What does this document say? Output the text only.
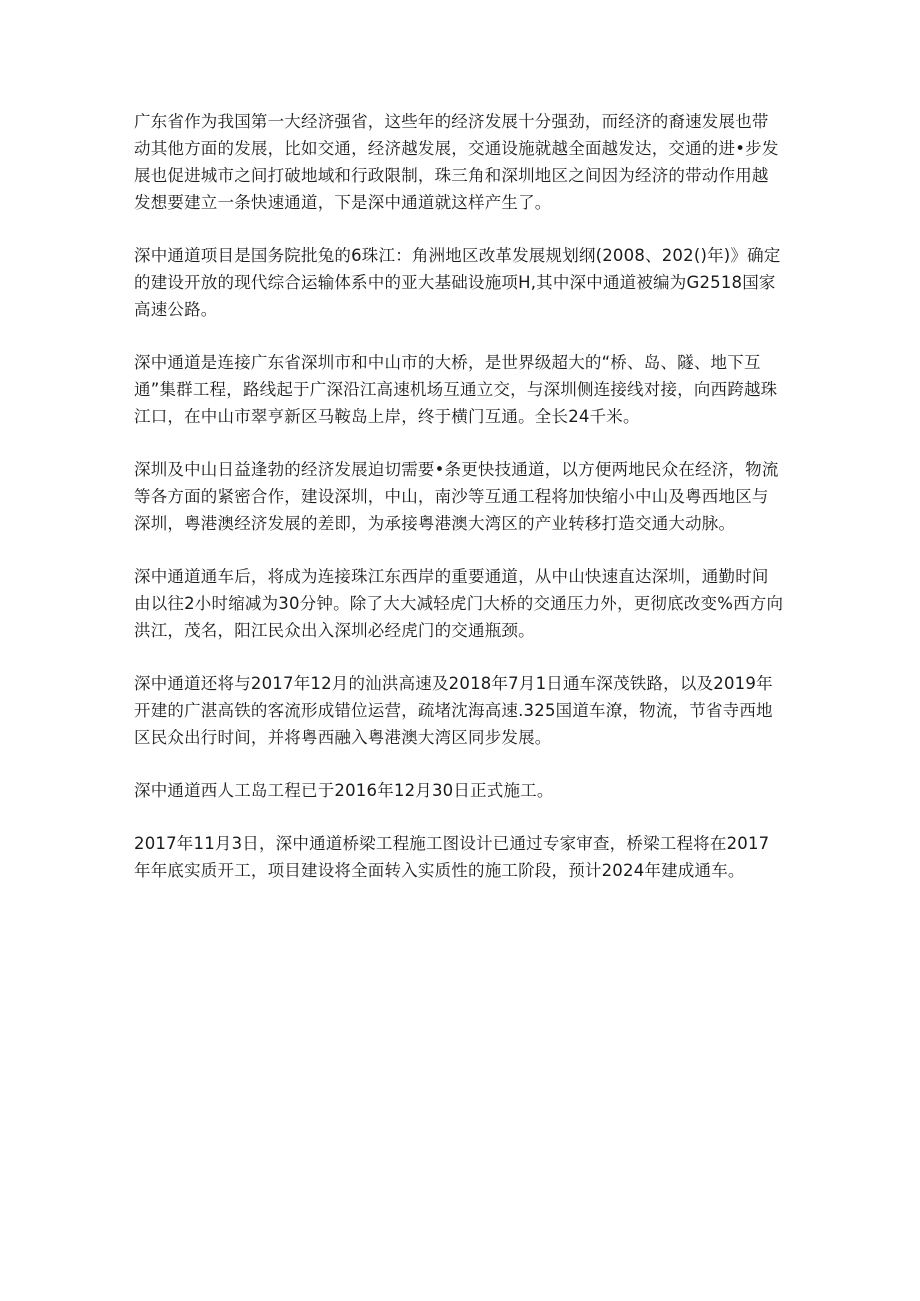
广东省作为我国第一大经济强省，这些年的经济发展十分强劲，而经济的裔速发展也带动其他方面的发展，比如交通，经济越发展，交通设施就越全面越发达，交通的进•步发展也促进城市之间打破地域和行政限制，珠三角和深圳地区之间因为经济的带动作用越发想要建立一条快速通道，下是深中通道就这样产生了。

深中通道项目是国务院批兔的6珠江：角洲地区改革发展规划纲(2008、202()年)》确定的建设开放的现代综合运输体系中的亚大基础设施项H,其中深中通道被编为G2518国家高速公路。

深中通道是连接广东省深圳市和中山市的大桥，是世界级超大的“桥、岛、隧、地下互通”集群工程，路线起于广深沿江高速机场互通立交，与深圳侧连接线对接，向西跨越珠江口，在中山市翠亨新区马鞍岛上岸，终于横门互通。全长24千米。

深圳及中山日益逢勃的经济发展迫切需要•条更快技通道，以方便两地民众在经济，物流等各方面的紧密合作，建设深圳，中山，南沙等互通工程将加快缩小中山及粤西地区与深圳，粤港澳经济发展的差即，为承接粤港澳大湾区的产业转移打造交通大动脉。

深中通道通车后，将成为连接珠江东西岸的重要通道，从中山快速直达深圳，通勤时间由以往2小时缩减为30分钟。除了大大减轻虎门大桥的交通压力外，更彻底改变%西方向洪江，茂名，阳江民众出入深圳必经虎门的交通瓶颈。

深中通道还将与2017年12月的汕洪高速及2018年7月1日通车深茂铁路，以及2019年开建的广湛高铁的客流形成错位运营，疏堵沈海高速.325国道车潦，物流，节省寺西地区民众出行时间，并将粤西融入粤港澳大湾区同步发展。

深中通道西人工岛工程已于2016年12月30日正式施工。

2017年11月3日，深中通道桥梁工程施工图设计已通过专家审查，桥梁工程将在2017年年底实质开工，项目建设将全面转入实质性的施工阶段，预计2024年建成通车。
